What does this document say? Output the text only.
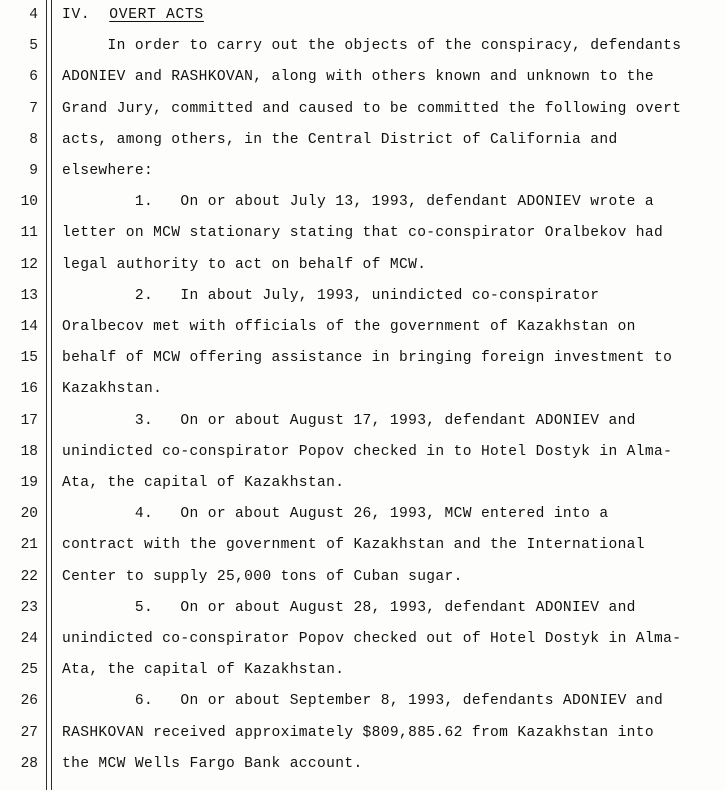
4
5
6
7
8
9
10
11
12
13
14
15
16
17
18
19
20
21
22
23
24
25
26
27
28
IV. OVERT ACTS
In order to carry out the objects of the conspiracy, defendants
ADONIEV and RASHKOVAN, along with others known and unknown to the
Grand Jury, committed and caused to be committed the following overt
acts, among others, in the Central District of California and
elsewhere:
1.   On or about July 13, 1993, defendant ADONIEV wrote a
letter on MCW stationary stating that co-conspirator Oralbekov had
legal authority to act on behalf of MCW.
2.   In about July, 1993, unindicted co-conspirator
Oralbecov met with officials of the government of Kazakhstan on
behalf of MCW offering assistance in bringing foreign investment to
Kazakhstan.
3.   On or about August 17, 1993, defendant ADONIEV and
unindicted co-conspirator Popov checked in to Hotel Dostyk in Alma-
Ata, the capital of Kazakhstan.
4.   On or about August 26, 1993, MCW entered into a
contract with the government of Kazakhstan and the International
Center to supply 25,000 tons of Cuban sugar.
5.   On or about August 28, 1993, defendant ADONIEV and
unindicted co-conspirator Popov checked out of Hotel Dostyk in Alma-
Ata, the capital of Kazakhstan.
6.   On or about September 8, 1993, defendants ADONIEV and
RASHKOVAN received approximately $809,885.62 from Kazakhstan into
the MCW Wells Fargo Bank account.
